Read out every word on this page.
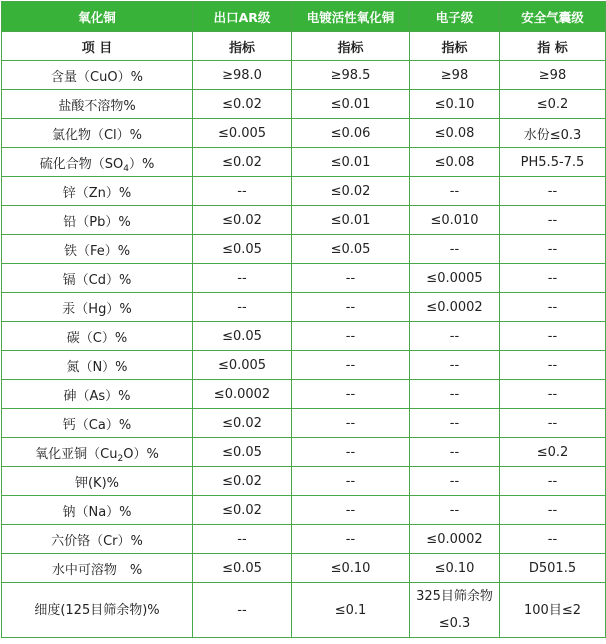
氧化铜	出口AR级	电镀活性氧化铜	电子级	安全气囊级
项 目	指标	指标	指标	指 标
含量（CuO）%	≥98.0	≥98.5	≥98	≥98
盐酸不溶物%	≤0.02	≤0.01	≤0.10	≤0.2
氯化物（Cl）%	≤0.005	≤0.06	≤0.08	水份≤0.3
硫化合物$(SO_4)\%$	≤0.02	≤0.01	≤0.08	PH5.5-7.5
锌（Zn）%	--	≤0.02	--	--
铅（Pb）%	≤0.02	≤0.01	≤0.010	--
铁（Fe）%	≤0.05	≤0.05	--	--
镉（Cd）%	--	--	≤0.0005	--
汞（Hg）%	--	--	≤0.0002	--
碳（C）%	≤0.05	--	--	--
氮（N）%	≤0.005	--	--	--
砷（As）%	≤0.0002	--	--	--
钙（Ca）%	≤0.02	--	--	--
氧化亚铜$(Cu_2O)\%$	≤0.05	--	--	≤0.2
钾(K)%	≤0.02	--	--	--
钠（Na）%	≤0.02	--	--	--
六价铬（Cr）%	--	--	≤0.0002	--
水中可溶物　%	≤0.05	≤0.10	≤0.10	D501.5
细度(125目筛余物)%	--	≤0.1	325目筛余物≤0.3	100目≤2
